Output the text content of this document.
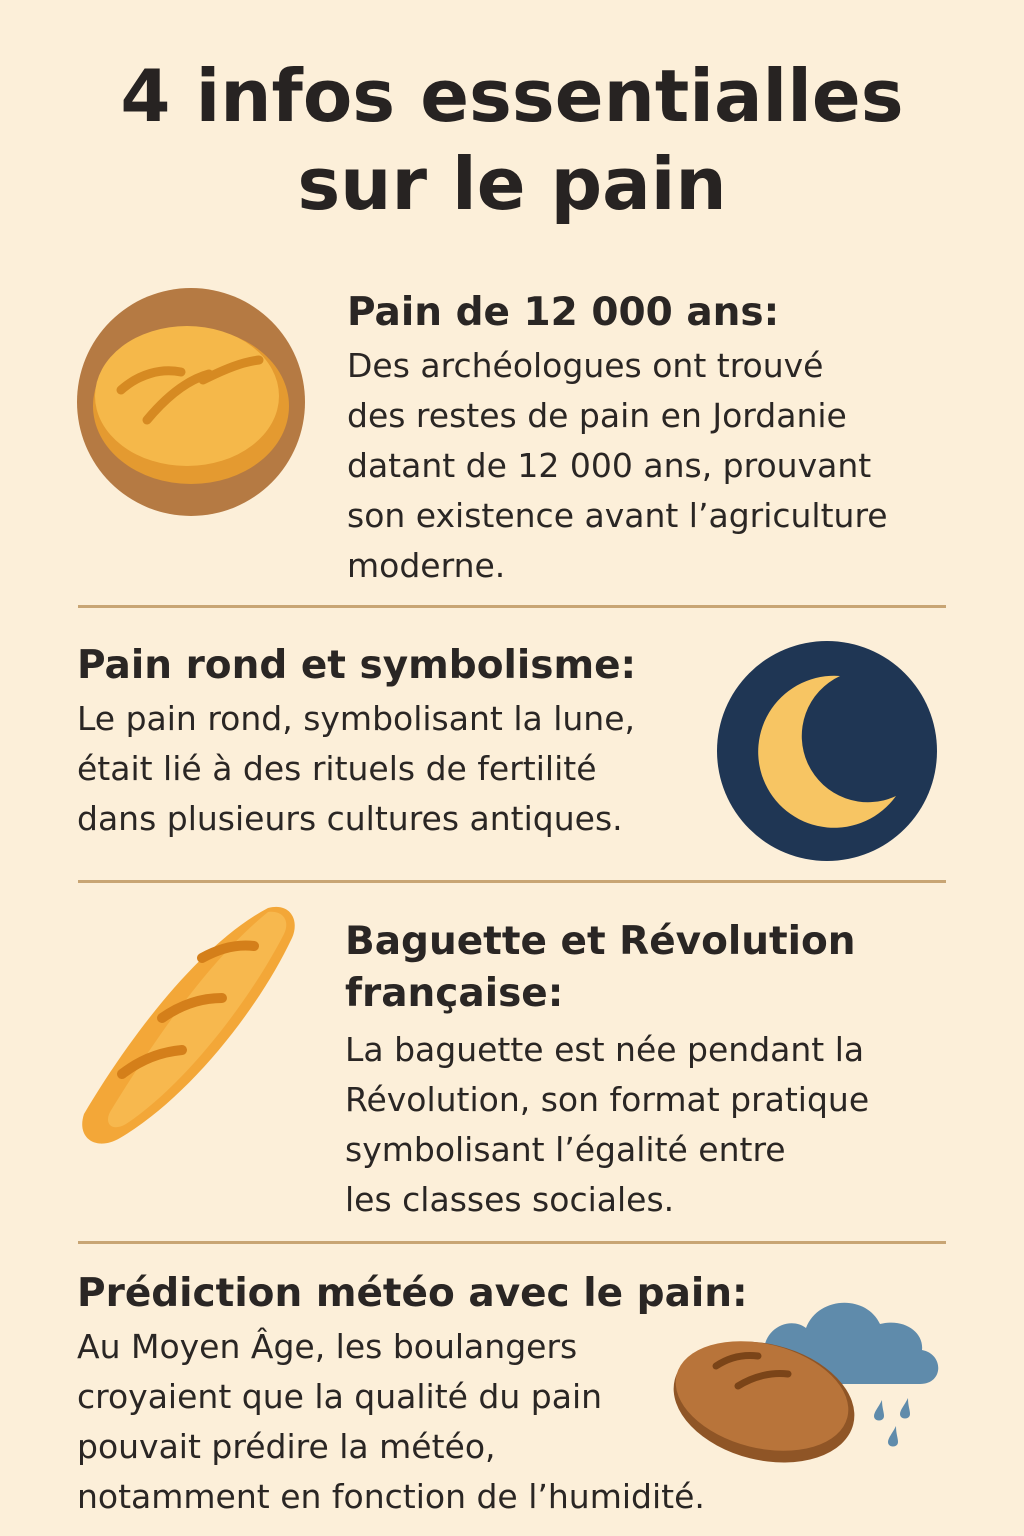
4 infos essentialles
sur le pain
Pain de 12 000 ans:
Des archéologues ont trouvé
des restes de pain en Jordanie
datant de 12 000 ans, prouvant
son existence avant l’agriculture
moderne.
Pain rond et symbolisme:
Le pain rond, symbolisant la lune,
était lié à des rituels de fertilité
dans plusieurs cultures antiques.
Baguette et Révolution
française:
La baguette est née pendant la
Révolution, son format pratique
symbolisant l’égalité entre
les classes sociales.
Prédiction météo avec le pain:
Au Moyen Âge, les boulangers
croyaient que la qualité du pain
pouvait prédire la météo,
notamment en fonction de l’humidité.
